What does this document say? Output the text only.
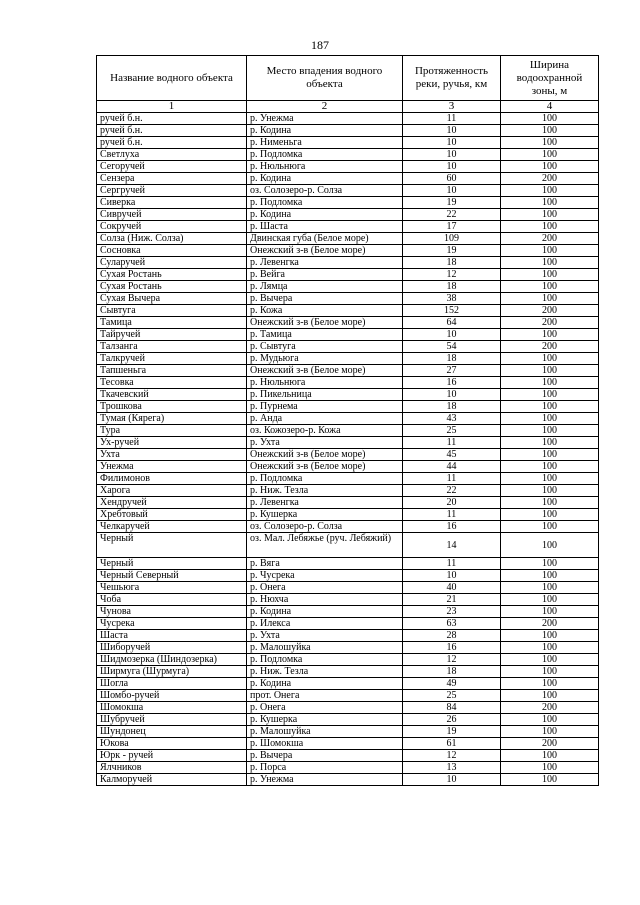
187
Название водного объекта	Место впадения водного объекта	Протяженность реки, ручья, км	Ширина водоохранной зоны, м
1	2	3	4
ручей б.н.	р. Унежма	11	100
ручей б.н.	р. Кодина	10	100
ручей б.н.	р. Нименьга	10	100
Светлуха	р. Подломка	10	100
Сегоручей	р. Нюльнюга	10	100
Сензера	р. Кодина	60	200
Сергручей	оз. Солозеро-р. Солза	10	100
Сиверка	р. Подломка	19	100
Сивручей	р. Кодина	22	100
Сокручей	р. Шаста	17	100
Солза (Ниж. Солза)	Двинская губа (Белое море)	109	200
Сосновка	Онежский з-в (Белое море)	19	100
Суларучей	р. Левенгка	18	100
Сухая Ростань	р. Вейга	12	100
Сухая Ростань	р. Лямца	18	100
Сухая Вычера	р. Вычера	38	100
Сывтуга	р. Кожа	152	200
Тамица	Онежский з-в (Белое море)	64	200
Тайручей	р. Тамица	10	100
Талзанга	р. Сывтуга	54	200
Талкручей	р. Мудьюга	18	100
Тапшеньга	Онежский з-в (Белое море)	27	100
Тесовка	р. Нюльнюга	16	100
Ткачевский	р. Пикельница	10	100
Трошкова	р. Пурнема	18	100
Тумая (Кярега)	р. Анда	43	100
Тура	оз. Кожозеро-р. Кожа	25	100
Ух-ручей	р. Ухта	11	100
Ухта	Онежский з-в (Белое море)	45	100
Унежма	Онежский з-в (Белое море)	44	100
Филимонов	р. Подломка	11	100
Харога	р. Ниж. Тезла	22	100
Хендручей	р. Левенгка	20	100
Хребтовый	р. Кушерка	11	100
Челкаручей	оз. Солозеро-р. Солза	16	100
Черный	оз. Мал. Лебяжье (руч. Лебяжий)	14	100
Черный	р. Вяга	11	100
Черный Северный	р. Чусрека	10	100
Чешьюга	р. Онега	40	100
Чоба	р. Нюхча	21	100
Чунова	р. Кодина	23	100
Чусрека	р. Илекса	63	200
Шаста	р. Ухта	28	100
Шиборучей	р. Малошуйка	16	100
Шидмозерка (Шиндозерка)	р. Подломка	12	100
Ширмуга (Шурмуга)	р. Ниж. Тезла	18	100
Шогла	р. Кодина	49	100
Шомбо-ручей	прот. Онега	25	100
Шомокша	р. Онега	84	200
Шубручей	р. Кушерка	26	100
Шундонец	р. Малошуйка	19	100
Юкова	р. Шомокша	61	200
Юрк - ручей	р. Вычера	12	100
Ялчников	р. Порса	13	100
Калморучей	р. Унежма	10	100
